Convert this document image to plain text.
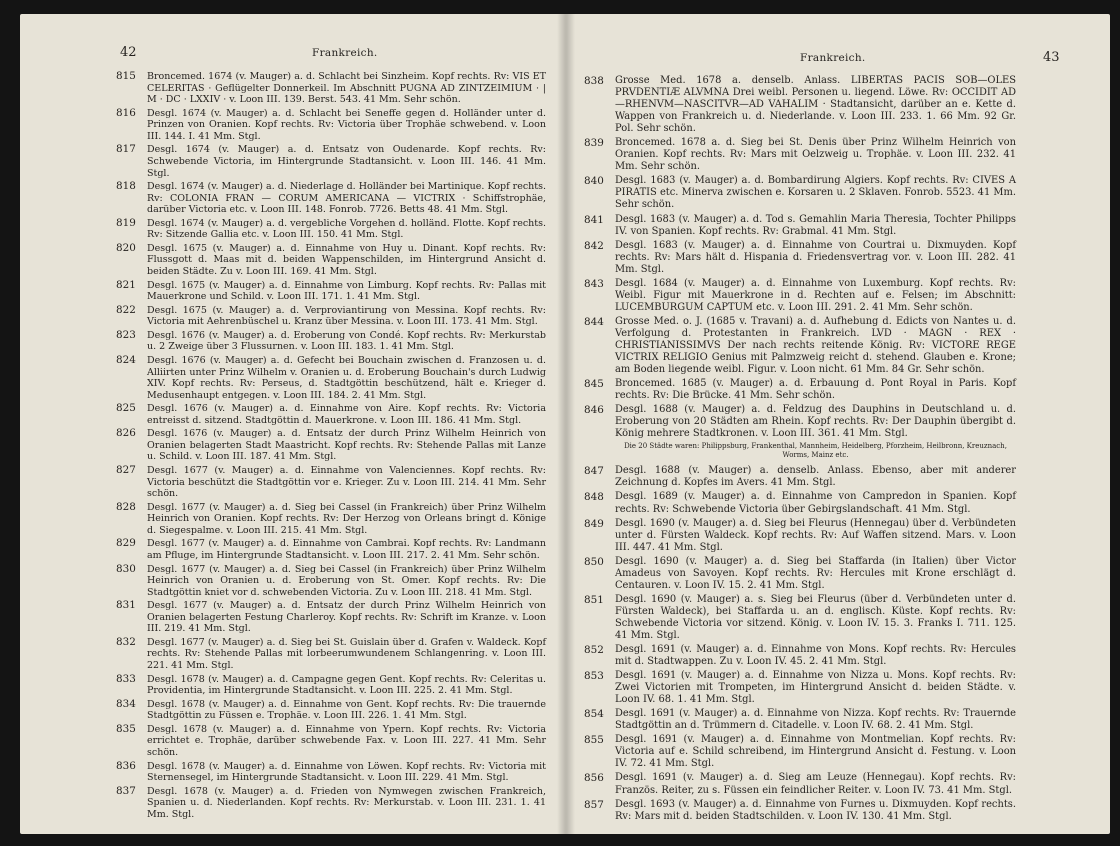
42	Frankreich.
815 Broncemed. 1674 (v. Mauger) a. d. Schlacht bei Sinzheim. Kopf rechts. Rv: VIS ET CELERITAS · Geflügelter Donnerkeil. Im Abschnitt PUGNA AD ZINTZEIMIUM · | M · DC · LXXIV · v. Loon III. 139. Berst. 543. 41 Mm. Sehr schön.
816 Desgl. 1674 (v. Mauger) a. d. Schlacht bei Seneffe gegen d. Holländer unter d. Prinzen von Oranien. Kopf rechts. Rv: Victoria über Trophäe schwebend. v. Loon III. 144. I. 41 Mm. Stgl.
817 Desgl. 1674 (v. Mauger) a. d. Entsatz von Oudenarde. Kopf rechts. Rv: Schwebende Victoria, im Hintergrunde Stadtansicht. v. Loon III. 146. 41 Mm. Stgl.
818 Desgl. 1674 (v. Mauger) a. d. Niederlage d. Holländer bei Martinique. Kopf rechts. Rv: COLONIA FRAN — CORUM AMERICANA — VICTRIX · Schiffstrophäe, darüber Victoria etc. v. Loon III. 148. Fonrob. 7726. Betts 48. 41 Mm. Stgl.
819 Desgl. 1674 (v. Mauger) a. d. vergebliche Vorgehen d. holländ. Flotte. Kopf rechts. Rv: Sitzende Gallia etc. v. Loon III. 150. 41 Mm. Stgl.
820 Desgl. 1675 (v. Mauger) a. d. Einnahme von Huy u. Dinant. Kopf rechts. Rv: Flussgott d. Maas mit d. beiden Wappenschilden, im Hintergrund Ansicht d. beiden Städte. Zu v. Loon III. 169. 41 Mm. Stgl.
821 Desgl. 1675 (v. Mauger) a. d. Einnahme von Limburg. Kopf rechts. Rv: Pallas mit Mauerkrone und Schild. v. Loon III. 171. 1. 41 Mm. Stgl.
822 Desgl. 1675 (v. Mauger) a. d. Verproviantirung von Messina. Kopf rechts. Rv: Victoria mit Aehrenbüschel u. Kranz über Messina. v. Loon III. 173. 41 Mm. Stgl.
823 Desgl. 1676 (v. Mauger) a. d. Eroberung von Condé. Kopf rechts. Rv: Merkurstab u. 2 Zweige über 3 Flussurnen. v. Loon III. 183. 1. 41 Mm. Stgl.
824 Desgl. 1676 (v. Mauger) a. d. Gefecht bei Bouchain zwischen d. Franzosen u. d. Alliirten unter Prinz Wilhelm v. Oranien u. d. Eroberung Bouchain's durch Ludwig XIV. Kopf rechts. Rv: Perseus, d. Stadtgöttin beschützend, hält e. Krieger d. Medusenhaupt entgegen. v. Loon III. 184. 2. 41 Mm. Stgl.
825 Desgl. 1676 (v. Mauger) a. d. Einnahme von Aire. Kopf rechts. Rv: Victoria entreisst d. sitzend. Stadtgöttin d. Mauerkrone. v. Loon III. 186. 41 Mm. Stgl.
826 Desgl. 1676 (v. Mauger) a. d. Entsatz der durch Prinz Wilhelm Heinrich von Oranien belagerten Stadt Maastricht. Kopf rechts. Rv: Stehende Pallas mit Lanze u. Schild. v. Loon III. 187. 41 Mm. Stgl.
827 Desgl. 1677 (v. Mauger) a. d. Einnahme von Valenciennes. Kopf rechts. Rv: Victoria beschützt die Stadtgöttin vor e. Krieger. Zu v. Loon III. 214. 41 Mm. Sehr schön.
828 Desgl. 1677 (v. Mauger) a. d. Sieg bei Cassel (in Frankreich) über Prinz Wilhelm Heinrich von Oranien. Kopf rechts. Rv: Der Herzog von Orleans bringt d. Könige d. Siegespalme. v. Loon III. 215. 41 Mm. Stgl.
829 Desgl. 1677 (v. Mauger) a. d. Einnahme von Cambrai. Kopf rechts. Rv: Landmann am Pfluge, im Hintergrunde Stadtansicht. v. Loon III. 217. 2. 41 Mm. Sehr schön.
830 Desgl. 1677 (v. Mauger) a. d. Sieg bei Cassel (in Frankreich) über Prinz Wilhelm Heinrich von Oranien u. d. Eroberung von St. Omer. Kopf rechts. Rv: Die Stadtgöttin kniet vor d. schwebenden Victoria. Zu v. Loon III. 218. 41 Mm. Stgl.
831 Desgl. 1677 (v. Mauger) a. d. Entsatz der durch Prinz Wilhelm Heinrich von Oranien belagerten Festung Charleroy. Kopf rechts. Rv: Schrift im Kranze. v. Loon III. 219. 41 Mm. Stgl.
832 Desgl. 1677 (v. Mauger) a. d. Sieg bei St. Guislain über d. Grafen v. Waldeck. Kopf rechts. Rv: Stehende Pallas mit lorbeerumwundenem Schlangenring. v. Loon III. 221. 41 Mm. Stgl.
833 Desgl. 1678 (v. Mauger) a. d. Campagne gegen Gent. Kopf rechts. Rv: Celeritas u. Providentia, im Hintergrunde Stadtansicht. v. Loon III. 225. 2. 41 Mm. Stgl.
834 Desgl. 1678 (v. Mauger) a. d. Einnahme von Gent. Kopf rechts. Rv: Die trauernde Stadtgöttin zu Füssen e. Trophäe. v. Loon III. 226. 1. 41 Mm. Stgl.
835 Desgl. 1678 (v. Mauger) a. d. Einnahme von Ypern. Kopf rechts. Rv: Victoria errichtet e. Trophäe, darüber schwebende Fax. v. Loon III. 227. 41 Mm. Sehr schön.
836 Desgl. 1678 (v. Mauger) a. d. Einnahme von Löwen. Kopf rechts. Rv: Victoria mit Sternensegel, im Hintergrunde Stadtansicht. v. Loon III. 229. 41 Mm. Stgl.
837 Desgl. 1678 (v. Mauger) a. d. Frieden von Nymwegen zwischen Frankreich, Spanien u. d. Niederlanden. Kopf rechts. Rv: Merkurstab. v. Loon III. 231. 1. 41 Mm. Stgl.
Frankreich.	43
838 Grosse Med. 1678 a. denselb. Anlass. LIBERTAS PACIS SOB—OLES PRVDENTIÆ ALVMNA Drei weibl. Personen u. liegend. Löwe. Rv: OCCIDIT AD—RHENVM—NASCITVR—AD VAHALIM · Stadtansicht, darüber an e. Kette d. Wappen von Frankreich u. d. Niederlande. v. Loon III. 233. 1. 66 Mm. 92 Gr. Pol. Sehr schön.
839 Broncemed. 1678 a. d. Sieg bei St. Denis über Prinz Wilhelm Heinrich von Oranien. Kopf rechts. Rv: Mars mit Oelzweig u. Trophäe. v. Loon III. 232. 41 Mm. Sehr schön.
840 Desgl. 1683 (v. Mauger) a. d. Bombardirung Algiers. Kopf rechts. Rv: CIVES A PIRATIS etc. Minerva zwischen e. Korsaren u. 2 Sklaven. Fonrob. 5523. 41 Mm. Sehr schön.
841 Desgl. 1683 (v. Mauger) a. d. Tod s. Gemahlin Maria Theresia, Tochter Philipps IV. von Spanien. Kopf rechts. Rv: Grabmal. 41 Mm. Stgl.
842 Desgl. 1683 (v. Mauger) a. d. Einnahme von Courtrai u. Dixmuyden. Kopf rechts. Rv: Mars hält d. Hispania d. Friedensvertrag vor. v. Loon III. 282. 41 Mm. Stgl.
843 Desgl. 1684 (v. Mauger) a. d. Einnahme von Luxemburg. Kopf rechts. Rv: Weibl. Figur mit Mauerkrone in d. Rechten auf e. Felsen; im Abschnitt: LUCEMBURGUM CAPTUM etc. v. Loon III. 291. 2. 41 Mm. Sehr schön.
844 Grosse Med. o. J. (1685 v. Travani) a. d. Aufhebung d. Edicts von Nantes u. d. Verfolgung d. Protestanten in Frankreich. LVD · MAGN · REX · CHRISTIANISSIMVS Der nach rechts reitende König. Rv: VICTORE REGE VICTRIX RELIGIO Genius mit Palmzweig reicht d. stehend. Glauben e. Krone; am Boden liegende weibl. Figur. v. Loon nicht. 61 Mm. 84 Gr. Sehr schön.
845 Broncemed. 1685 (v. Mauger) a. d. Erbauung d. Pont Royal in Paris. Kopf rechts. Rv: Die Brücke. 41 Mm. Sehr schön.
846 Desgl. 1688 (v. Mauger) a. d. Feldzug des Dauphins in Deutschland u. d. Eroberung von 20 Städten am Rhein. Kopf rechts. Rv: Der Dauphin übergibt d. König mehrere Stadtkronen. v. Loon III. 361. 41 Mm. Stgl.
Die 20 Städte waren: Philippsburg, Frankenthal, Mannheim, Heidelberg, Pforzheim, Heilbronn, Kreuznach, Worms, Mainz etc.
847 Desgl. 1688 (v. Mauger) a. denselb. Anlass. Ebenso, aber mit anderer Zeichnung d. Kopfes im Avers. 41 Mm. Stgl.
848 Desgl. 1689 (v. Mauger) a. d. Einnahme von Campredon in Spanien. Kopf rechts. Rv: Schwebende Victoria über Gebirgslandschaft. 41 Mm. Stgl.
849 Desgl. 1690 (v. Mauger) a. d. Sieg bei Fleurus (Hennegau) über d. Verbündeten unter d. Fürsten Waldeck. Kopf rechts. Rv: Auf Waffen sitzend. Mars. v. Loon III. 447. 41 Mm. Stgl.
850 Desgl. 1690 (v. Mauger) a. d. Sieg bei Staffarda (in Italien) über Victor Amadeus von Savoyen. Kopf rechts. Rv: Hercules mit Krone erschlägt d. Centauren. v. Loon IV. 15. 2. 41 Mm. Stgl.
851 Desgl. 1690 (v. Mauger) a. s. Sieg bei Fleurus (über d. Verbündeten unter d. Fürsten Waldeck), bei Staffarda u. an d. englisch. Küste. Kopf rechts. Rv: Schwebende Victoria vor sitzend. König. v. Loon IV. 15. 3. Franks I. 711. 125. 41 Mm. Stgl.
852 Desgl. 1691 (v. Mauger) a. d. Einnahme von Mons. Kopf rechts. Rv: Hercules mit d. Stadtwappen. Zu v. Loon IV. 45. 2. 41 Mm. Stgl.
853 Desgl. 1691 (v. Mauger) a. d. Einnahme von Nizza u. Mons. Kopf rechts. Rv: Zwei Victorien mit Trompeten, im Hintergrund Ansicht d. beiden Städte. v. Loon IV. 68. 1. 41 Mm. Stgl.
854 Desgl. 1691 (v. Mauger) a. d. Einnahme von Nizza. Kopf rechts. Rv: Trauernde Stadtgöttin an d. Trümmern d. Citadelle. v. Loon IV. 68. 2. 41 Mm. Stgl.
855 Desgl. 1691 (v. Mauger) a. d. Einnahme von Montmelian. Kopf rechts. Rv: Victoria auf e. Schild schreibend, im Hintergrund Ansicht d. Festung. v. Loon IV. 72. 41 Mm. Stgl.
856 Desgl. 1691 (v. Mauger) a. d. Sieg am Leuze (Hennegau). Kopf rechts. Rv: Französ. Reiter, zu s. Füssen ein feindlicher Reiter. v. Loon IV. 73. 41 Mm. Stgl.
857 Desgl. 1693 (v. Mauger) a. d. Einnahme von Furnes u. Dixmuyden. Kopf rechts. Rv: Mars mit d. beiden Stadtschilden. v. Loon IV. 130. 41 Mm. Stgl.
